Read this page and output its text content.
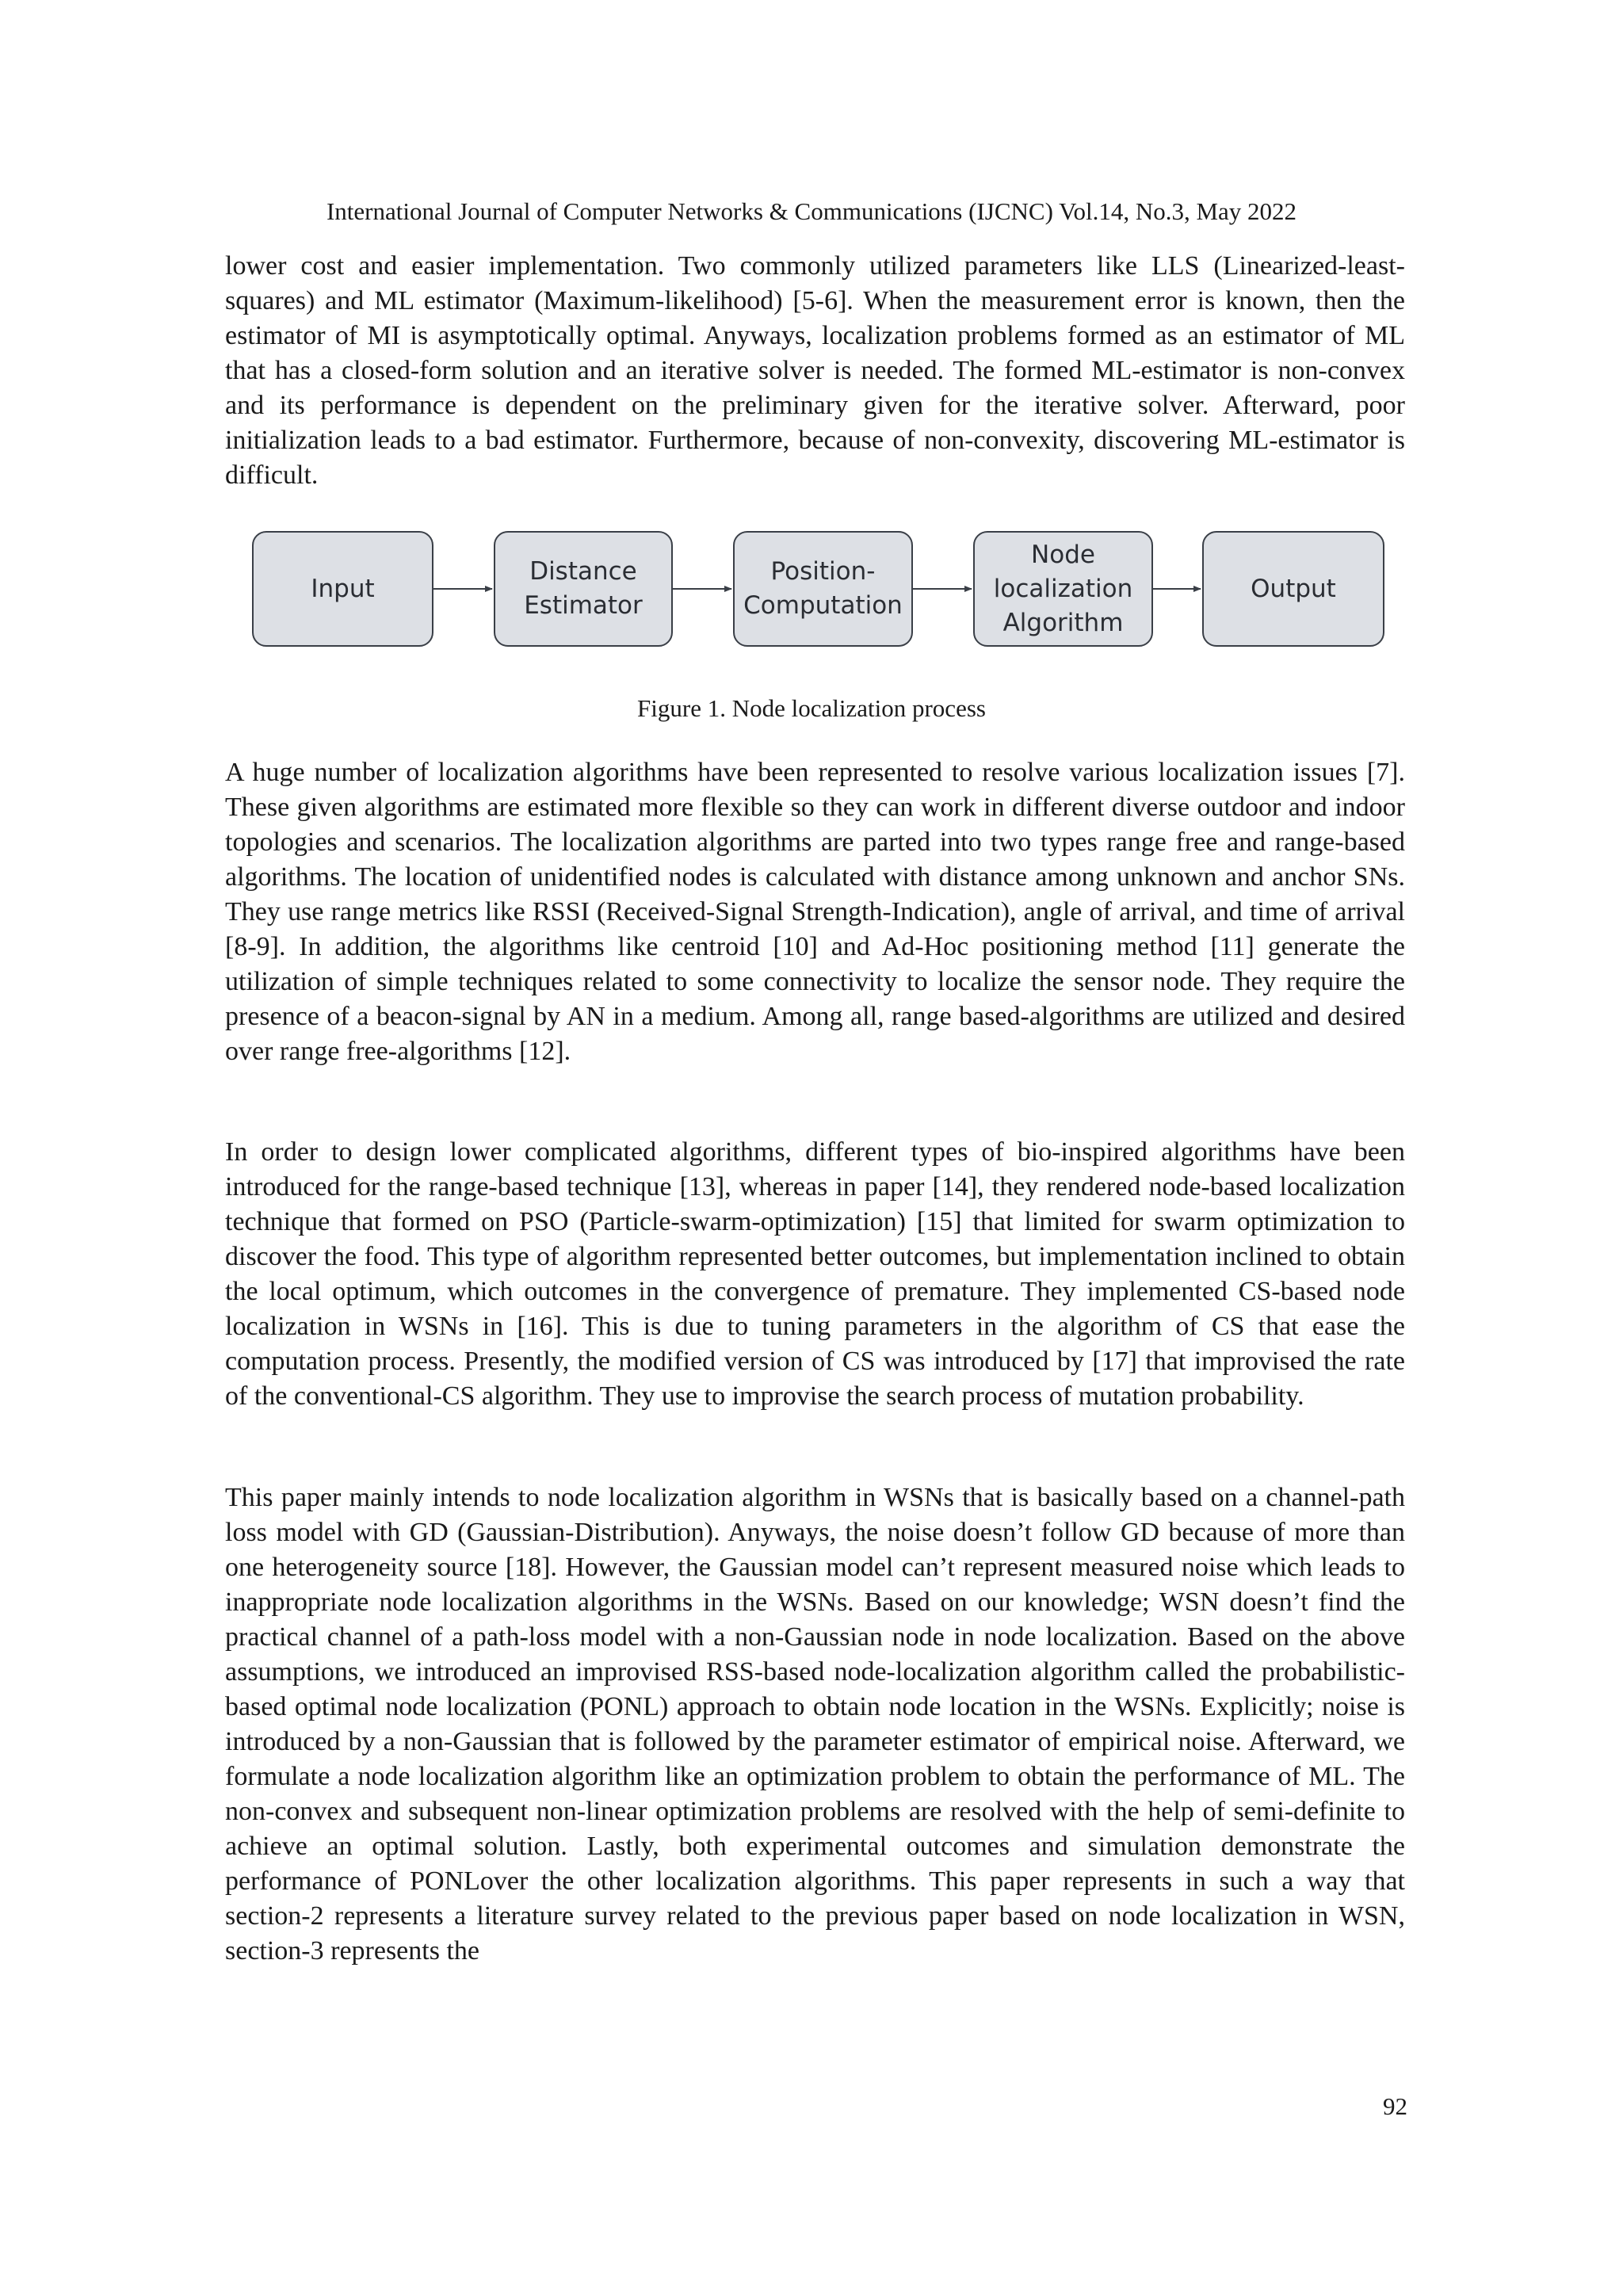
International Journal of Computer Networks & Communications (IJCNC) Vol.14, No.3, May 2022

lower cost and easier implementation. Two commonly utilized parameters like LLS (Linearized-least-squares) and ML estimator (Maximum-likelihood) [5-6]. When the measurement error is known, then the estimator of MI is asymptotically optimal. Anyways, localization problems formed as an estimator of ML that has a closed-form solution and an iterative solver is needed. The formed ML-estimator is non-convex and its performance is dependent on the preliminary given for the iterative solver. Afterward, poor initialization leads to a bad estimator. Furthermore, because of non-convexity, discovering ML-estimator is difficult.

Input
Distance
Estimator
Position-
Computation
Node
localization
Algorithm
Output
Figure 1. Node localization process

A huge number of localization algorithms have been represented to resolve various localization issues [7]. These given algorithms are estimated more flexible so they can work in different diverse outdoor and indoor topologies and scenarios. The localization algorithms are parted into two types range free and range-based algorithms. The location of unidentified nodes is calculated with distance among unknown and anchor SNs. They use range metrics like RSSI (Received-Signal Strength-Indication), angle of arrival, and time of arrival [8-9]. In addition, the algorithms like centroid [10] and Ad-Hoc positioning method [11] generate the utilization of simple techniques related to some connectivity to localize the sensor node. They require the presence of a beacon-signal by AN in a medium. Among all, range based-algorithms are utilized and desired over range free-algorithms [12].

In order to design lower complicated algorithms, different types of bio-inspired algorithms have been introduced for the range-based technique [13], whereas in paper [14], they rendered node-based localization technique that formed on PSO (Particle-swarm-optimization) [15] that limited for swarm optimization to discover the food. This type of algorithm represented better outcomes, but implementation inclined to obtain the local optimum, which outcomes in the convergence of premature. They implemented CS-based node localization in WSNs in [16]. This is due to tuning parameters in the algorithm of CS that ease the computation process. Presently, the modified version of CS was introduced by [17] that improvised the rate of the conventional-CS algorithm. They use to improvise the search process of mutation probability.

This paper mainly intends to node localization algorithm in WSNs that is basically based on a channel-path loss model with GD (Gaussian-Distribution). Anyways, the noise doesn’t follow GD because of more than one heterogeneity source [18]. However, the Gaussian model can’t represent measured noise which leads to inappropriate node localization algorithms in the WSNs. Based on our knowledge; WSN doesn’t find the practical channel of a path-loss model with a non-Gaussian node in node localization. Based on the above assumptions, we introduced an improvised RSS-based node-localization algorithm called the probabilistic-based optimal node localization (PONL) approach to obtain node location in the WSNs. Explicitly; noise is introduced by a non-Gaussian that is followed by the parameter estimator of empirical noise. Afterward, we formulate a node localization algorithm like an optimization problem to obtain the performance of ML. The non-convex and subsequent non-linear optimization problems are resolved with the help of semi-definite to achieve an optimal solution. Lastly, both experimental outcomes and simulation demonstrate the performance of PONLover the other localization algorithms. This paper represents in such a way that section-2 represents a literature survey related to the previous paper based on node localization in WSN, section-3 represents the

92
